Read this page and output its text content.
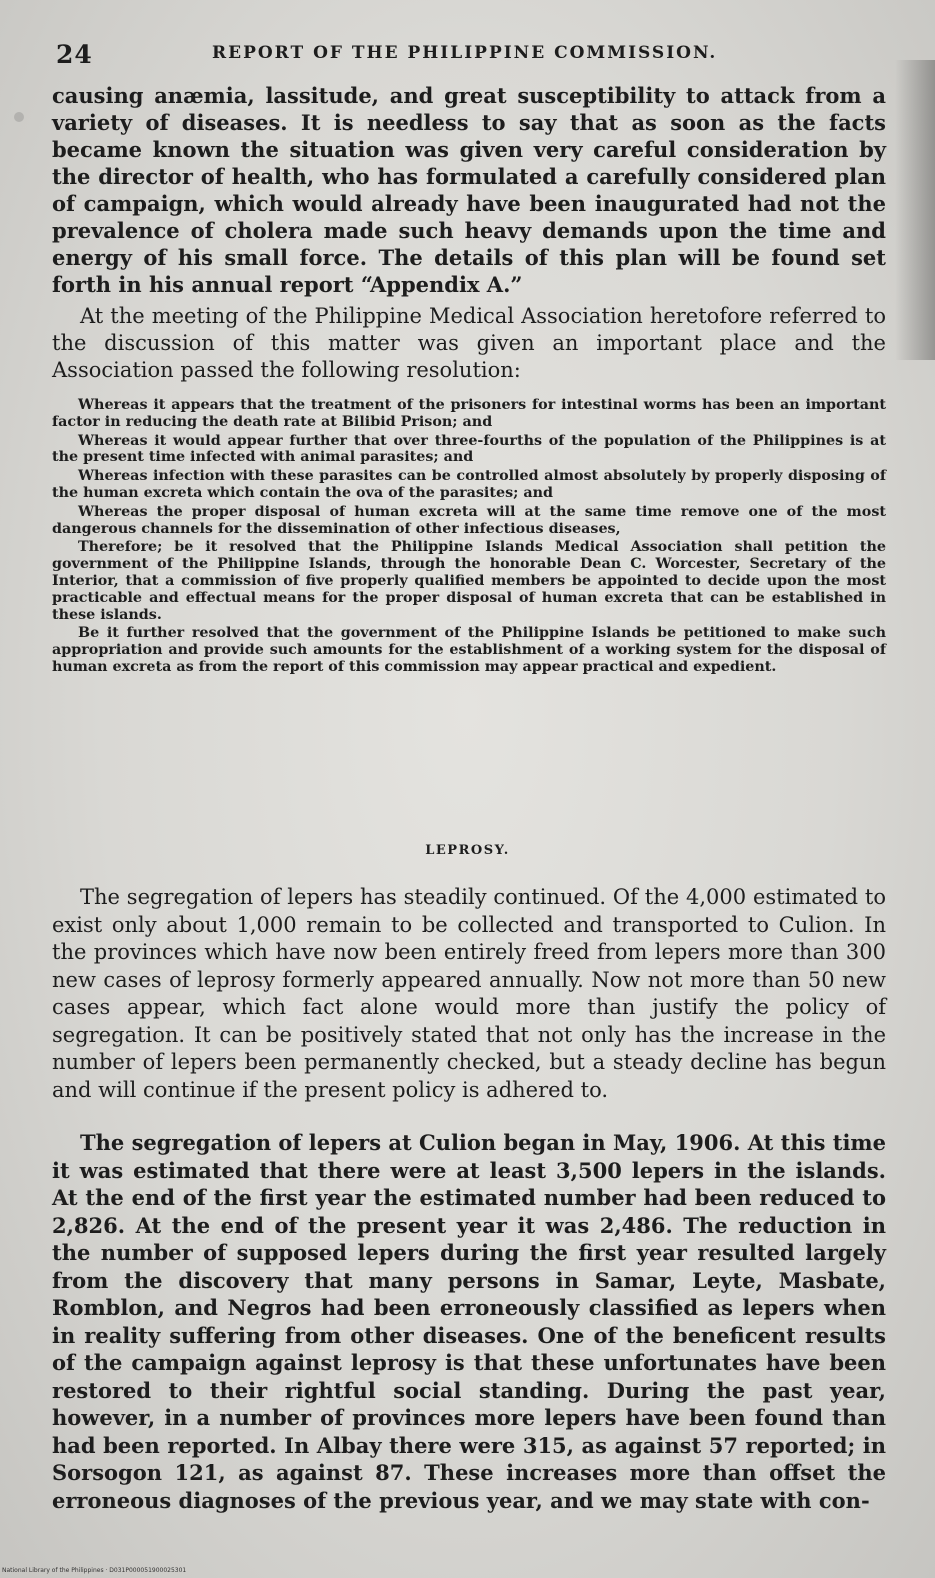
24	REPORT OF THE PHILIPPINE COMMISSION.

causing anæmia, lassitude, and great susceptibility to attack from a variety of diseases. It is needless to say that as soon as the facts became known the situation was given very careful consideration by the director of health, who has formulated a carefully considered plan of campaign, which would already have been inaugurated had not the prevalence of cholera made such heavy demands upon the time and energy of his small force. The details of this plan will be found set forth in his annual report “Appendix A.”

At the meeting of the Philippine Medical Association heretofore referred to the discussion of this matter was given an important place and the Association passed the following resolution:

Whereas it appears that the treatment of the prisoners for intestinal worms has been an important factor in reducing the death rate at Bilibid Prison; and

Whereas it would appear further that over three-fourths of the population of the Philippines is at the present time infected with animal parasites; and

Whereas infection with these parasites can be controlled almost absolutely by properly disposing of the human excreta which contain the ova of the parasites; and

Whereas the proper disposal of human excreta will at the same time remove one of the most dangerous channels for the dissemination of other infectious diseases,

Therefore; be it resolved that the Philippine Islands Medical Association shall petition the government of the Philippine Islands, through the honorable Dean C. Worcester, Secretary of the Interior, that a commission of five properly qualified members be appointed to decide upon the most practicable and effectual means for the proper disposal of human excreta that can be established in these islands.

Be it further resolved that the government of the Philippine Islands be petitioned to make such appropriation and provide such amounts for the establishment of a working system for the disposal of human excreta as from the report of this commission may appear practical and expedient.

LEPROSY.

The segregation of lepers has steadily continued. Of the 4,000 estimated to exist only about 1,000 remain to be collected and transported to Culion. In the provinces which have now been entirely freed from lepers more than 300 new cases of leprosy formerly appeared annually. Now not more than 50 new cases appear, which fact alone would more than justify the policy of segregation. It can be positively stated that not only has the increase in the number of lepers been permanently checked, but a steady decline has begun and will continue if the present policy is adhered to.

The segregation of lepers at Culion began in May, 1906. At this time it was estimated that there were at least 3,500 lepers in the islands. At the end of the first year the estimated number had been reduced to 2,826. At the end of the present year it was 2,486. The reduction in the number of supposed lepers during the first year resulted largely from the discovery that many persons in Samar, Leyte, Masbate, Romblon, and Negros had been erroneously classified as lepers when in reality suffering from other diseases. One of the beneficent results of the campaign against leprosy is that these unfortunates have been restored to their rightful social standing. During the past year, however, in a number of provinces more lepers have been found than had been reported. In Albay there were 315, as against 57 reported; in Sorsogon 121, as against 87. These increases more than offset the erroneous diagnoses of the previous year, and we may state with con-

National Library of the Philippines · D031P000051900025301
